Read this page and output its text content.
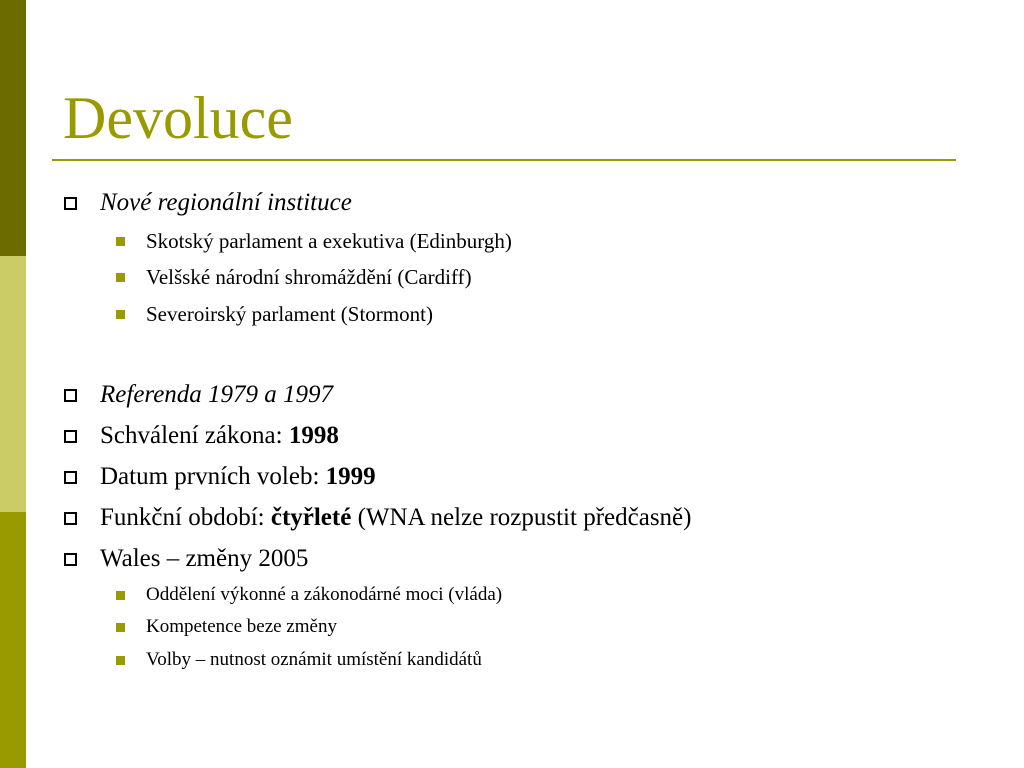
Devoluce
Nové regionální instituce
Skotský parlament a exekutiva (Edinburgh)
Velšské národní shromáždění (Cardiff)
Severoirský parlament (Stormont)
Referenda 1979 a 1997
Schválení zákona: 1998
Datum prvních voleb: 1999
Funkční období: čtyřleté (WNA nelze rozpustit předčasně)
Wales – změny 2005
Oddělení výkonné a zákonodárné moci (vláda)
Kompetence beze změny
Volby – nutnost oznámit umístění kandidátů
